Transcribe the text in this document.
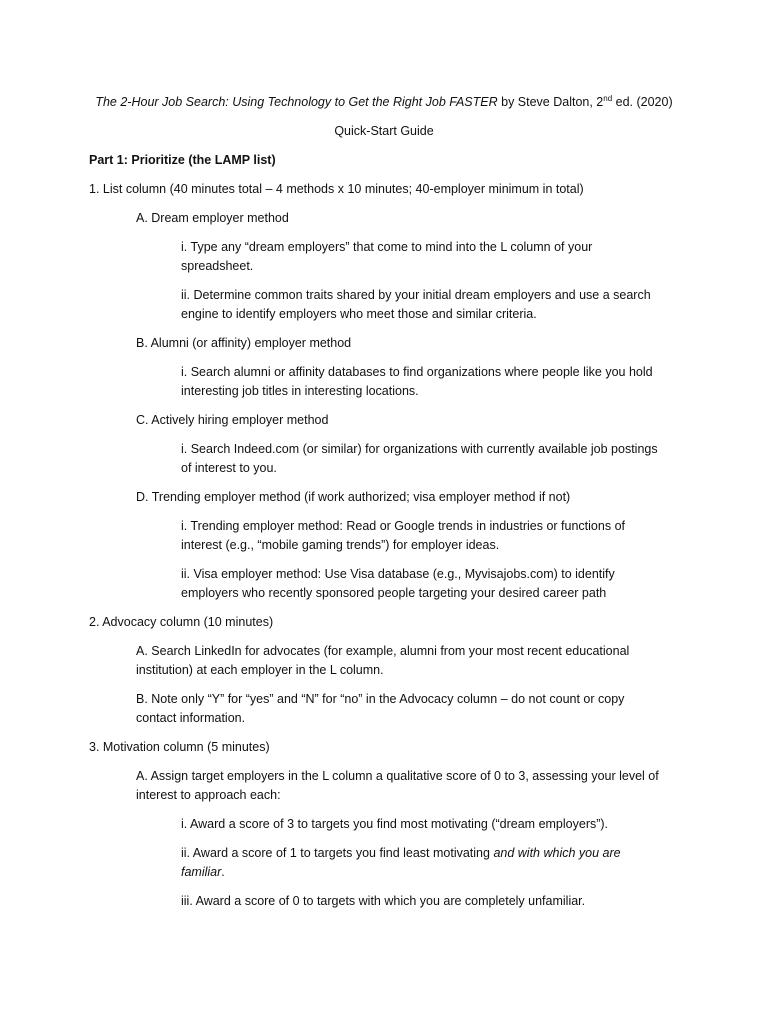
The 2-Hour Job Search: Using Technology to Get the Right Job FASTER by Steve Dalton, 2nd ed. (2020)
Quick-Start Guide
Part 1: Prioritize (the LAMP list)
1. List column (40 minutes total – 4 methods x 10 minutes; 40-employer minimum in total)
A. Dream employer method
i. Type any “dream employers” that come to mind into the L column of your
spreadsheet.
ii. Determine common traits shared by your initial dream employers and use a search
engine to identify employers who meet those and similar criteria.
B. Alumni (or affinity) employer method
i. Search alumni or affinity databases to find organizations where people like you hold
interesting job titles in interesting locations.
C. Actively hiring employer method
i. Search Indeed.com (or similar) for organizations with currently available job postings
of interest to you.
D. Trending employer method (if work authorized; visa employer method if not)
i. Trending employer method: Read or Google trends in industries or functions of
interest (e.g., “mobile gaming trends”) for employer ideas.
ii. Visa employer method: Use Visa database (e.g., Myvisajobs.com) to identify
employers who recently sponsored people targeting your desired career path
2. Advocacy column (10 minutes)
A. Search LinkedIn for advocates (for example, alumni from your most recent educational
institution) at each employer in the L column.
B. Note only “Y” for “yes” and “N” for “no” in the Advocacy column – do not count or copy
contact information.
3. Motivation column (5 minutes)
A. Assign target employers in the L column a qualitative score of 0 to 3, assessing your level of
interest to approach each:
i. Award a score of 3 to targets you find most motivating (“dream employers”).
ii. Award a score of 1 to targets you find least motivating and with which you are
familiar.
iii. Award a score of 0 to targets with which you are completely unfamiliar.
